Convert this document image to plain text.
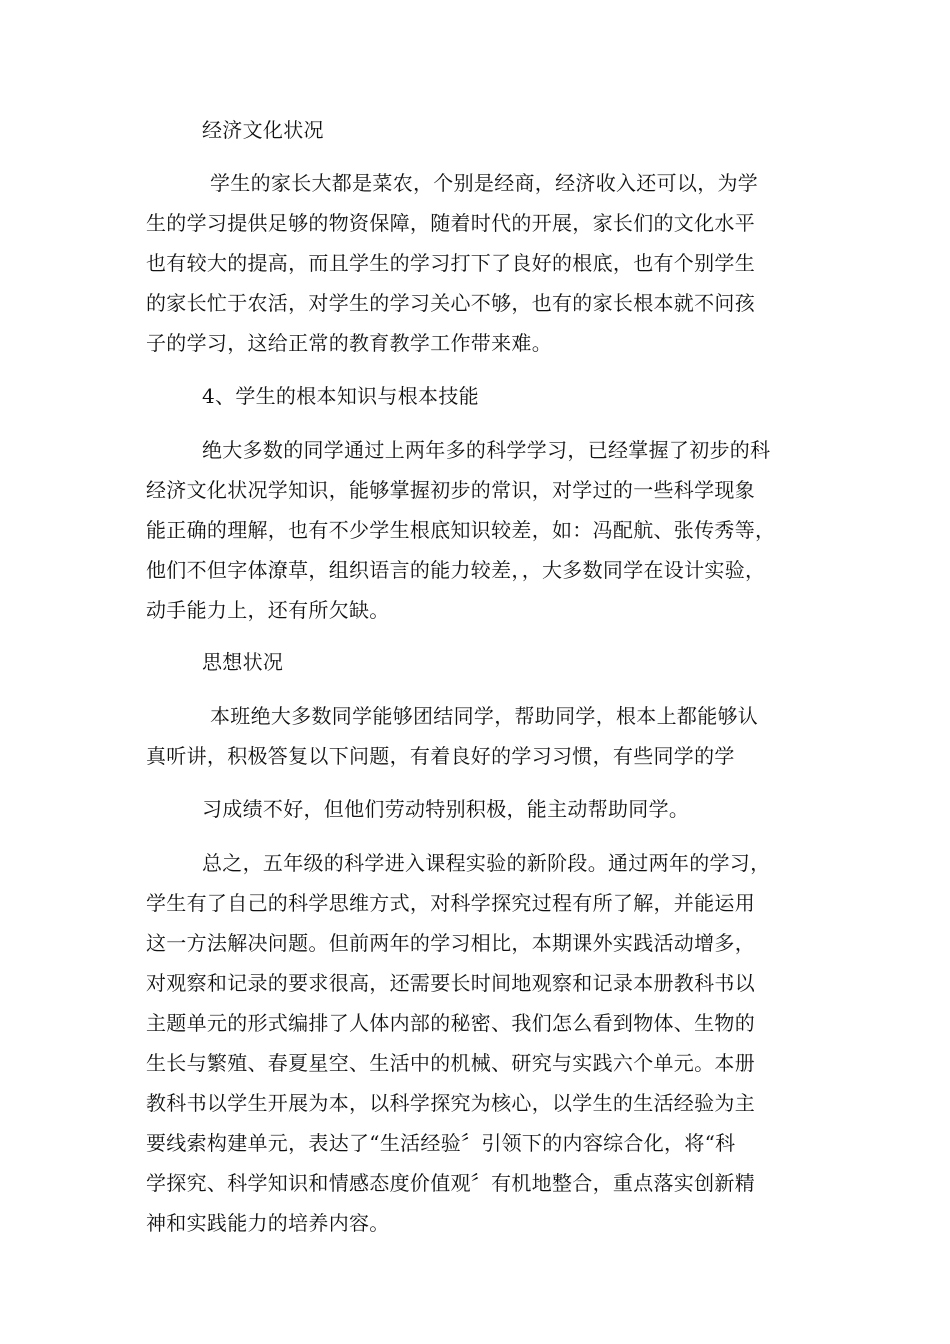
经济文化状况
学生的家长大都是菜农，个别是经商，经济收入还可以，为学
生的学习提供足够的物资保障，随着时代的开展，家长们的文化水平
也有较大的提高，而且学生的学习打下了良好的根底，也有个别学生
的家长忙于农活，对学生的学习关心不够，也有的家长根本就不问孩
子的学习，这给正常的教育教学工作带来难。
4、学生的根本知识与根本技能
绝大多数的同学通过上两年多的科学学习，已经掌握了初步的科
经济文化状况学知识，能够掌握初步的常识，对学过的一些科学现象
能正确的理解，也有不少学生根底知识较差，如：冯配航、张传秀等，
他们不但字体潦草，组织语言的能力较差，，大多数同学在设计实验，
动手能力上，还有所欠缺。
思想状况
本班绝大多数同学能够团结同学，帮助同学，根本上都能够认
真听讲，积极答复以下问题，有着良好的学习习惯，有些同学的学
习成绩不好，但他们劳动特别积极，能主动帮助同学。
总之，五年级的科学进入课程实验的新阶段。通过两年的学习，
学生有了自己的科学思维方式，对科学探究过程有所了解，并能运用
这一方法解决问题。但前两年的学习相比，本期课外实践活动增多，
对观察和记录的要求很高，还需要长时间地观察和记录本册教科书以
主题单元的形式编排了人体内部的秘密、我们怎么看到物体、生物的
生长与繁殖、春夏星空、生活中的机械、研究与实践六个单元。本册
教科书以学生开展为本，以科学探究为核心，以学生的生活经验为主
要线索构建单元，表达了“生活经验〞引领下的内容综合化，将“科
学探究、科学知识和情感态度价值观〞有机地整合，重点落实创新精
神和实践能力的培养内容。
